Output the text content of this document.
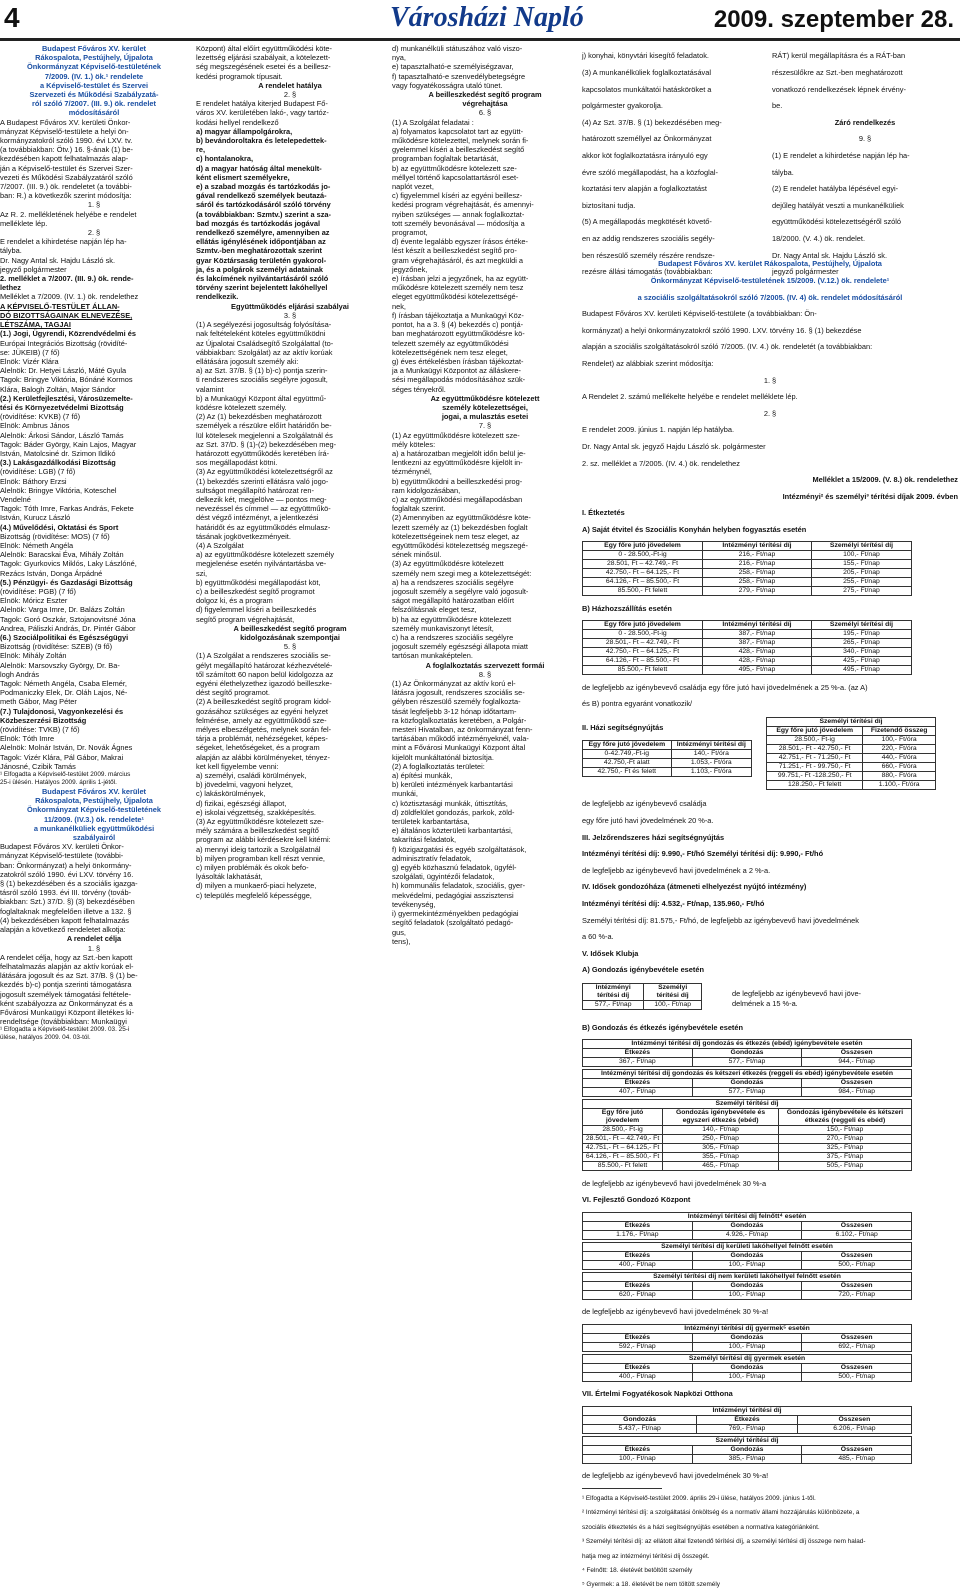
4	Városházi Napló	2009. szeptember 28.

Budapest Főváros XV. kerület

Rákospalota, Pestújhely, Újpalota

Önkormányzat Képviselő-testületének

7/2009. (IV. 1.) ök.¹ rendelete

a Képviselő-testület és Szervei

Szervezeti és Működési Szabályzatá-

ról szóló 7/2007. (III. 9.) ök. rendelet

módosításáról

A Budapest Főváros XV. kerületi Önkor-

mányzat Képviselő-testülete a helyi ön-

kormányzatokról szóló 1990. évi LXV. tv.

(a továbbiakban: Ötv.) 16. §-ának (1) be-

kezdésében kapott felhatalmazás alap-

ján a Képviselő-testület és Szervei Szer-

vezeti és Működési Szabályzatáról szóló

7/2007. (III. 9.) ök. rendeletet (a további-

ban: R.) a következők szerint módosítja:

1. §

Az R. 2. mellékletének helyébe e rendelet

melléklete lép.

2. §

E rendelet a kihirdetése napján lép ha-

tályba.

Dr. Nagy Antal sk. Hajdu László sk.

jegyző polgármester

2. melléklet a 7/2007. (III. 9.) ök. rende-

lethez

Melléklet a 7/2009. (IV. 1.) ök. rendelethez

A KÉPVISELŐ-TESTÜLET ÁLLAN-

DÓ BIZOTTSÁGAINAK ELNEVEZÉSE,

LÉTSZÁMA, TAGJAI

(1.) Jogi, Ügyrendi, Közrendvédelmi és

Európai Integrációs Bizottság (rövidíté-

se: JÜKEIB) (7 fő)

Elnök: Vizér Klára

Alelnök: Dr. Hetyei László, Máté Gyula

Tagok: Bringye Viktória, Bónáné Kormos

Klára, Balogh Zoltán, Major Sándor

(2.) Kerületfejlesztési, Városüzemelte-

tési és Környezetvédelmi Bizottság

(rövidítése: KVKB) (7 fő)

Elnök: Ambrus János

Alelnök: Árkosi Sándor, László Tamás

Tagok: Báder György, Kain Lajos, Magyar

István, Matolcsiné dr. Szimon Ildikó

(3.) Lakásgazdálkodási Bizottság

(rövidítése: LGB) (7 fő)

Elnök: Báthory Erzsi

Alelnök: Bringye Viktória, Koteschel

Vendelné

Tagok: Tóth Imre, Farkas András, Fekete

István, Kurucz László

(4.) Művelődési, Oktatási és Sport

Bizottság (rövidítése: MOS) (7 fő)

Elnök: Németh Angéla

Alelnök: Baracskai Éva, Mihály Zoltán

Tagok: Gyurkovics Miklós, Laky Lászlóné,

Rezács István, Donga Árpádné

(5.) Pénzügyi- és Gazdasági Bizottság

(rövidítése: PGB) (7 fő)

Elnök: Móricz Eszter

Alelnök: Varga Imre, Dr. Balázs Zoltán

Tagok: Goró Oszkár, Sztojanovitsné Jóna

Andrea, Páliszki András, Dr. Pintér Gábor

(6.) Szociálpolitikai és Egészségügyi

Bizottság (rövidítése: SZEB) (9 fő)

Elnök: Mihály Zoltán

Alelnök: Marsovszky György, Dr. Ba-

logh András

Tagok: Németh Angéla, Csaba Elemér,

Podmaniczky Elek, Dr. Oláh Lajos, Né-

meth Gábor, Mag Péter

(7.) Tulajdonosi, Vagyonkezelési és

Közbeszerzési Bizottság

(rövidítése: TVKB) (7 fő)

Elnök: Tóth Imre

Alelnök: Molnár István, Dr. Novák Ágnes

Tagok: Vizér Klára, Pál Gábor, Makrai

Jánosné, Czibik Tamás

¹ Elfogadta a Képviselő-testület 2009. március

25-i ülésén. Hatályos 2009. április 1-jétől.

Budapest Főváros XV. kerület

Rákospalota, Pestújhely, Újpalota

Önkormányzat Képviselő-testületének

11/2009. (IV.3.) ök. rendelete¹

a munkanélküliek együttműködési

szabályairól

Budapest Főváros XV. kerületi Önkor-

mányzat Képviselő-testülete (további-

ban: Önkormányzat) a helyi önkormány-

zatokról szóló 1990. évi LXV. törvény 16.

§ (1) bekezdésében és a szociális igazga-

tásról szóló 1993. évi III. törvény (továb-

biakban: Szt.) 37/D. §) (3) bekezdésében

foglaltaknak megfelelően illetve a 132. §

(4) bekezdésében kapott felhatalmazás

alapján a következő rendeletet alkotja:

A rendelet célja

1. §

A rendelet célja, hogy az Szt.-ben kapott

felhatalmazás alapján az aktív korúak el-

látására jogosult és az Szt. 37/B. § (1) be-

kezdés b)-c) pontja szerinti támogatásra

jogosult személyek támogatási feltétele-

ként szabályozza az Önkormányzat és a

Fővárosi Munkaügyi Központ illetékes ki-

rendeltsége (továbbiakban: Munkaügyi

¹ Elfogadta a Képviselő-testület 2009. 03. 25-i

ülése, hatályos 2009. 04. 03-tól.

Központ) által előírt együttműködési köte-

lezettség eljárási szabályait, a kötelezett-

ség megszegésének esetei és a beillesz-

kedési programok típusait.

A rendelet hatálya

2. §

E rendelet hatálya kiterjed Budapest Fő-

város XV. kerületében lakó-, vagy tartóz-

kodási hellyel rendelkező

a) magyar állampolgárokra,

b) bevándoroltakra és letelepedettek-

re,

c) hontalanokra,

d) a magyar hatóság által menekült-

ként elismert személyekre,

e) a szabad mozgás és tartózkodás jo-

gával rendelkező személyek beutazá-

sáról és tartózkodásáról szóló törvény

(a továbbiakban: Szmtv.) szerint a sza-

bad mozgás és tartózkodás jogával

rendelkező személyre, amennyiben az

ellátás igénylésének időpontjában az

Szmtv.-ben meghatározottak szerint

gyar Köztársaság területén gyakorol-

ja, és a polgárok személyi adatainak

és lakcímének nyilvántartásáról szóló

törvény szerint bejelentett lakóhellyel

rendelkezik.

Együttműködés eljárási szabályai

3. §

(1) A segélyezési jogosultság folyósítása-

nak feltételeként köteles együttműködni

az Újpalotai Családsegítő Szolgálattal (to-

vábbiakban: Szolgálat) az az aktív korúak

ellátására jogosult személy aki:

a) az Szt. 37/B. § (1) b)-c) pontja szerin-

ti rendszeres szociális segélyre jogosult,

valamint

b) a Munkaügyi Központ által együttmű-

ködésre kötelezett személy.

(2) Az (1) bekezdésben meghatározott

személyek a részükre előírt határidőn be-

lül kötelesek megjelenni a Szolgálatnál és

az Szt. 37/D. § (1)-(2) bekezdésében meg-

határozott együttműködés keretében írá-

sos megállapodást kötni.

(3) Az együttműködési kötelezettségről az

(1) bekezdés szerinti ellátásra való jogo-

sultságot megállapító határozat ren-

delkezik két, megjelölve — pontos meg-

nevezéssel és címmel — az együttműkö-

dést végző intézményt, a jelentkezési

határidőt és az együttműködés elmulasz-

tásának jogkövetkezményeit.

(4) A Szolgálat

a) az együttműködésre kötelezett személy

megjelenése esetén nyilvántartásba ve-

szi,

b) együttműködési megállapodást köt,

c) a beilleszkedést segítő programot

dolgoz ki, és a program

d) figyelemmel kíséri a beilleszkedés

segítő program végrehajtását,

A beilleszkedést segítő program

kidolgozásának szempontjai

5. §

(1) A Szolgálat a rendszeres szociális se-

gélyt megállapító határozat kézhezvételé-

től számított 60 napon belül kidolgozza az

egyéni élethelyzethez igazodó beilleszke-

dést segítő programot.

(2) A beilleszkedést segítő program kidol-

gozásához szükséges az egyéni helyzet

felmérése, amely az együttműködő sze-

mélyes elbeszélgetés, melynek során fel-

tárja a problémát, nehézségeket, képes-

ségeket, lehetőségeket, és a program

alapján az alábbi körülményeket, tényez-

ket kell figyelembe venni:

a) személyi, családi körülmények,

b) jövedelmi, vagyoni helyzet,

c) lakáskörülmények,

d) fizikai, egészségi állapot,

e) iskolai végzettség, szakképesítés.

(3) Az együttműködésre kötelezett sze-

mély számára a beilleszkedést segítő

program az alábbi kérdésekre kell kitérni:

a) mennyi ideig tartozik a Szolgálatnál

b) milyen programban kell részt vennie,

c) milyen problémák és okok befo-

lyásolták lakhatását,

d) milyen a munkaerő-piaci helyzete,

c) település megfelelő képességge,

d) munkanélküli státuszához való viszo-

nya,

e) tapasztalható-e személyiségzavar,

f) tapasztalható-e szenvedélybetegségre

vagy fogyatékosságra utaló tünet.

A beilleszkedést segítő program

végrehajtása

6. §

(1) A Szolgálat feladatai :

a) folyamatos kapcsolatot tart az együtt-

működésre kötelezettel, melynek során fi-

gyelemmel kíséri a beilleszkedést segítő

programban foglaltak betartását,

b) az együttműködésre kötelezett sze-

méllyel történő kapcsolattartásról eset-

naplót vezet,

c) figyelemmel kíséri az egyéni beillesz-

kedési program végrehajtását, és amennyi-

nyiben szükséges — annak foglalkoztat-

tott személy bevonásával — módosítja a

programot,

d) évente legalább egyszer írásos értéke-

lést készít a beilleszkedést segítő pro-

gram végrehajtásáról, és azt megküldi a

jegyzőnek,

e) írásban jelzi a jegyzőnek, ha az együtt-

működésre kötelezett személy nem tesz

eleget együttműködési kötelezettségé-

nek,

f) írásban tájékoztatja a Munkaügyi Köz-

pontot, ha a 3. § (4) bekezdés c) pontjá-

ban meghatározott együttműködésre kö-

telezett személy az együttműködési

kötelezettségének nem tesz eleget,

g) éves értékelésben írásban tájékoztat-

ja a Munkaügyi Központot az álláskere-

sési megállapodás módosításához szük-

séges tényekről.

Az együttműködésre kötelezett

személy kötelezettségei,

jogai, a mulasztás esetei

7. §

(1) Az együttműködésre kötelezett sze-

mély köteles:

a) a határozatban megjelölt időn belül je-

lentkezni az együttműködésre kijelölt in-

tézménynél,

b) együttműködni a beilleszkedési prog-

ram kidolgozásában,

c) az együttműködési megállapodásban

foglaltak szerint.

(2) Amennyiben az együttműködésre köte-

lezett személy az (1) bekezdésben foglalt

kötelezettségeinek nem tesz eleget, az

együttműködési kötelezettség megszegé-

sének minősül.

(3) Az együttműködésre kötelezett

személy nem szegi meg a kötelezettségét:

a) ha a rendszeres szociális segélyre

jogosult személy a segélyre való jogosult-

ságot megállapító határozatban előírt

felszólításnak eleget tesz,

b) ha az együttműködésre kötelezett

személy munkaviszonyt létesít,

c) ha a rendszeres szociális segélyre

jogosult személy egészségi állapota miatt

tartósan munkaképtelen.

A foglalkoztatás szervezett formái

8. §

(1) Az Önkormányzat az aktív korú el-

látásra jogosult, rendszeres szociális se-

gélyben részesülő személy foglalkozta-

tását legfeljebb 3-12 hónap időtartam-

ra közfoglalkoztatás keretében, a Polgár-

mesteri Hivatalban, az önkormányzat fenn-

tartásában működő intézményeknél, vala-

mint a Fővárosi Munkaügyi Központ által

kijelölt munkáltatónál biztosítja.

(2) A foglalkoztatás területei:

a) építési munkák,

b) kerületi intézmények karbantartási

munkái,

c) köztisztasági munkák, úttisztítás,

d) zöldfelület gondozás, parkok, zöld-

területek karbantartása,

e) általános közterületi karbantartási,

takarítási feladatok,

f) közigazgatási és egyéb szolgáltatások,

adminisztratív feladatok,

g) egyéb közhasznú feladatok, ügyfél-

szolgálati, ügyintézői feladatok,

h) kommunális feladatok, szociális, gyer-

mekvédelmi, pedagógiai asszisztensi

tevékenység,

i) gyermekintézményekben pedagógiai

segítő feladatok (szolgáltató pedagó-

gus,

tens),

j) konyhai, könyvtári kisegítő feladatok.

(3) A munkanélküliek foglalkoztatásával

kapcsolatos munkáltatói hatásköröket a

polgármester gyakorolja.

(4) Az Szt. 37/B. § (1) bekezdésében meg-

határozott személlyel az Önkormányzat

akkor köt foglalkoztatásra irányuló egy

évre szóló megállapodást, ha a közfoglal-

koztatási terv alapján a foglalkoztatást

biztosítani tudja.

(5) A megállapodás megkötését követő-

en az addig rendszeres szociális segély-

ben részesülő személy részére rendsze-

rezésre állási támogatás (továbbiakban:

RÁT) kerül megállapításra és a RÁT-ban

részesülőkre az Szt.-ben meghatározott

vonatkozó rendelkezések lépnek érvény-

be.

Záró rendelkezés

9. §

(1) E rendelet a kihirdetése napján lép ha-

tályba.

(2) E rendelet hatályba lépésével egyi-

dejűleg hatályát veszti a munkanélküliek

együttműködési kötelezettségéről szóló

18/2000. (V. 4.) ök. rendelet.

Dr. Nagy Antal sk. Hajdu László sk.

jegyző polgármester

Budapest Főváros XV. kerület Rákospalota, Pestújhely, Újpalota

Önkormányzat Képviselő-testületének 15/2009. (V.12.) ök. rendelete¹

a szociális szolgáltatásokról szóló 7/2005. (IV. 4) ök. rendelet módosításáról

Budapest Főváros XV. kerületi Képviselő-testülete (a továbbiakban: Ön-

kormányzat) a helyi önkormányzatokról szóló 1990. LXV. törvény 16. § (1) bekezdése

alapján a szociális szolgáltatásokról szóló 7/2005. (IV. 4.) ök. rendeletét (a továbbiakban:

Rendelet) az alábbiak szerint módosítja:

1. §

A Rendelet 2. számú mellékelte helyébe e rendelet melléklete lép.

2. §

E rendelet 2009. június 1. napján lép hatályba.

Dr. Nagy Antal sk. jegyző Hajdu László sk. polgármester

2. sz. melléklet a 7/2005. (IV. 4.) ök. rendelethez

Melléklet a 15/2009. (V. 8.) ök. rendelethez

Intézményi² és személyi³ térítési díjak 2009. évben

I. Étkeztetés

A) Saját étvitel és Szociális Konyhán helyben fogyasztás esetén

Egy főre jutó jövedelem	Intézményi térítési díj	Személyi térítési díj
0 - 28.500,-Ft-ig	216,- Ft/nap	100,- Ft/nap
28.501, Ft – 42.749,- Ft	216,- Ft/nap	155,- Ft/nap
42.750,- Ft – 64.125,- Ft	258,- Ft/nap	205,- Ft/nap
64.126,- Ft – 85.500,- Ft	258,- Ft/nap	255,- Ft/nap
85.500,- Ft felett	279,- Ft/nap	275,- Ft/nap

B) Házhozszállítás esetén

Egy főre jutó jövedelem	Intézményi térítési díj	Személyi térítési díj
0 - 28.500,-Ft-ig	387,- Ft/nap	195,- Ft/nap
28.501,- Ft – 42.749,- Ft	387,- Ft/nap	265,- Ft/nap
42.750,- Ft – 64.125,- Ft	428,- Ft/nap	340,- Ft/nap
64.126,- Ft – 85.500,- Ft	428,- Ft/nap	425,- Ft/nap
85.500,- Ft felett	495,- Ft/nap	495,- Ft/nap

de legfeljebb az igénybevevő családja egy főre jutó havi jövedelmének a 25 %-a. (az A)

és B) pontra egyaránt vonatkozik/

II. Házi segítségnyújtás

Egy főre jutó jövedelem	Intézményi térítési díj
0-42.749,-Ft-ig	140,- Ft/óra
42.750,-Ft alatt	1.053,- Ft/óra
42.750,- Ft és felett	1.103,- Ft/óra
Személyi térítési díj	
Egy főre jutó jövedelem	Fizetendő összeg
28.500,- Ft-ig	100,- Ft/óra
28.501,- Ft - 42.750,- Ft	220,- Ft/óra
42.751,- Ft - 71.250,- Ft	440,- Ft/óra
71.251,- Ft - 99.750,- Ft	660,- Ft/óra
99.751,- Ft -128.250,- Ft	880,- Ft/óra
128.250,- Ft felett	1.100,- Ft/óra

de legfeljebb az igénybevevő családja

egy főre jutó havi jövedelmének 20 %-a.

III. Jelzőrendszeres házi segítségnyújtás

Intézményi térítési díj: 9.990,- Ft/hó Személyi térítési díj: 9.990,- Ft/hó

de legfeljebb az igénybevevő havi jövedelmének a 2 %-a.

IV. Idősek gondozóháza (átmeneti elhelyezést nyújtó intézmény)

Intézményi térítési díj: 4.532,- Ft/nap, 135.960,- Ft/hó

Személyi térítési díj: 81.575,- Ft/hó, de legfeljebb az igénybevevő havi jövedelmének

a 60 %-a.

V. Idősek Klubja

A) Gondozás igénybevétele esetén

Intézményi térítési díj	Személyi térítési díj
577,- Ft/nap	100,- Ft/nap

de legfeljebb az igénybevevő havi jöve-delmének a 15 %-a.

B) Gondozás és étkezés igénybevétele esetén

Intézményi térítési díj gondozás és étkezés (ebéd) igénybevétele esetén		
Étkezés	Gondozás	Összesen
367,- Ft/nap	577,- Ft/nap	944,- Ft/nap
Intézményi térítési díj gondozás és kétszeri étkezés (reggeli és ebéd) igénybevétele esetén		
Étkezés	Gondozás	Összesen
407,- Ft/nap	577,- Ft/nap	984,- Ft/nap
Személyi térítési díj		
Egy főre jutó jövedelem	Gondozás igénybevétele és egyszeri étkezés (ebéd)	Gondozás igénybevétele és kétszeri étkezés (reggeli és ebéd)
28.500,- Ft-ig	140,- Ft/nap	150,- Ft/nap
28.501,- Ft – 42.749,- Ft	250,- Ft/nap	270,- Ft/nap
42.751,- Ft – 64.125,- Ft	305,- Ft/nap	325,- Ft/nap
64.126,- Ft – 85.500,- Ft	355,- Ft/nap	375,- Ft/nap
85.500,- Ft felett	465,- Ft/nap	505,- Ft/nap

de legfeljebb az igénybevevő havi jövedelmének 30 %-a

VI. Fejlesztő Gondozó Központ

Intézményi térítési díj felnőtt⁴ esetén		
Étkezés	Gondozás	Összesen
1.176,- Ft/nap	4.926,- Ft/nap	6.102,- Ft/nap
Személyi térítési díj kerületi lakóhellyel felnőtt esetén		
Étkezés	Gondozás	Összesen
400,- Ft/nap	100,- Ft/nap	500,- Ft/nap
Személyi térítési díj nem kerületi lakóhellyel felnőtt esetén		
Étkezés	Gondozás	Összesen
620,- Ft/nap	100,- Ft/nap	720,- Ft/nap

de legfeljebb az igénybevevő havi jövedelmének 30 %-a!

Intézményi térítési díj gyermek⁵ esetén		
Étkezés	Gondozás	Összesen
592,- Ft/nap	100,- Ft/nap	692,- Ft/nap
Személyi térítési díj gyermek esetén		
Étkezés	Gondozás	Összesen
400,- Ft/nap	100,- Ft/nap	500,- Ft/nap

VII. Értelmi Fogyatékosok Napközi Otthona

Intézményi térítési díj		
Gondozás	Étkezés	Összesen
5.437,- Ft/nap	769,- Ft/nap	6.206,- Ft/nap
Személyi térítési díj		
Étkezés	Gondozás	Összesen
100,- Ft/nap	385,- Ft/nap	485,- Ft/nap

de legfeljebb az igénybevevő havi jövedelmének 30 %-a!

¹ Elfogadta a Képviselő-testület 2009. április 29-i ülése, hatályos 2009. június 1-től.

² Intézményi térítési díj: a szolgáltatási önköltség és a normatív állami hozzájárulás különbözete, a

szociális étkeztetés és a házi segítségnyújtás esetében a normatíva kategóriánként.

³ Személyi térítési díj: az ellátott által fizetendő térítési díj, a személyi térítési díj összege nem halad-

hatja meg az intézményi térítési díj összegét.

⁴ Felnőtt: 18. életévét betöltött személy

⁵ Gyermek: a 18. életévét be nem töltött személy
